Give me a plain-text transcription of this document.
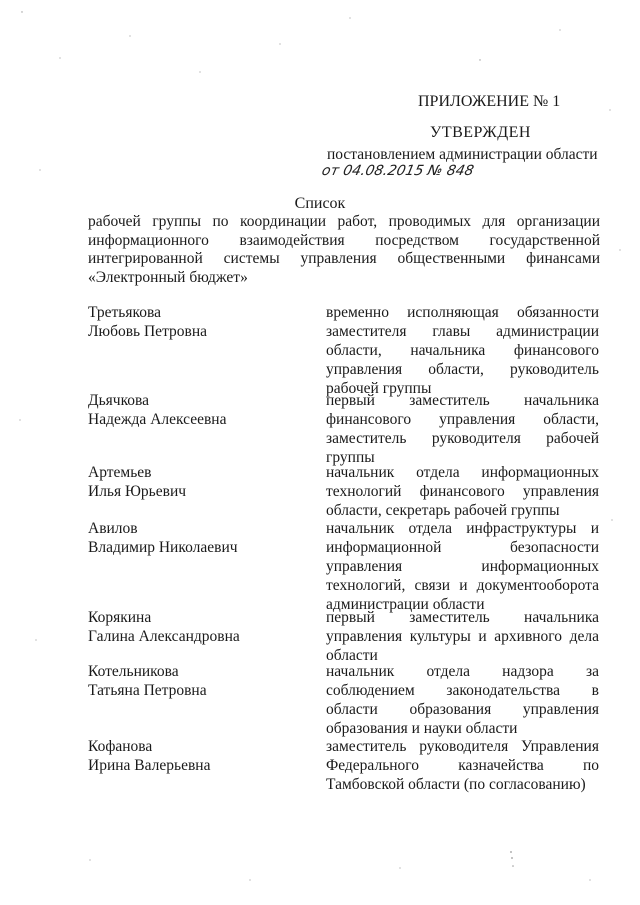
ПРИЛОЖЕНИЕ № 1
УТВЕРЖДЕН
постановлением администрации области
от 04.08.2015 № 848
Список
рабочей группы по координации работ, проводимых для организации информационного взаимодействия посредством государственной интегрированной системы управления общественными финансами «Электронный бюджет»
Третьякова
Любовь Петровна
временно исполняющая обязанности заместителя главы администрации области, начальника финансового управления области, руководитель рабочей группы
Дьячкова
Надежда Алексеевна
первый заместитель начальника финансового управления области, заместитель руководителя рабочей группы
Артемьев
Илья Юрьевич
начальник отдела информационных технологий финансового управления области, секретарь рабочей группы
Авилов
Владимир Николаевич
начальник отдела инфраструктуры и информационной безопасности управления информационных технологий, связи и документооборота администрации области
Корякина
Галина Александровна
первый заместитель начальника управления культуры и архивного дела области
Котельникова
Татьяна Петровна
начальник отдела надзора за соблюдением законодательства в области образования управления образования и науки области
Кофанова
Ирина Валерьевна
заместитель руководителя Управления Федерального казначейства по Тамбовской области (по согласованию)
